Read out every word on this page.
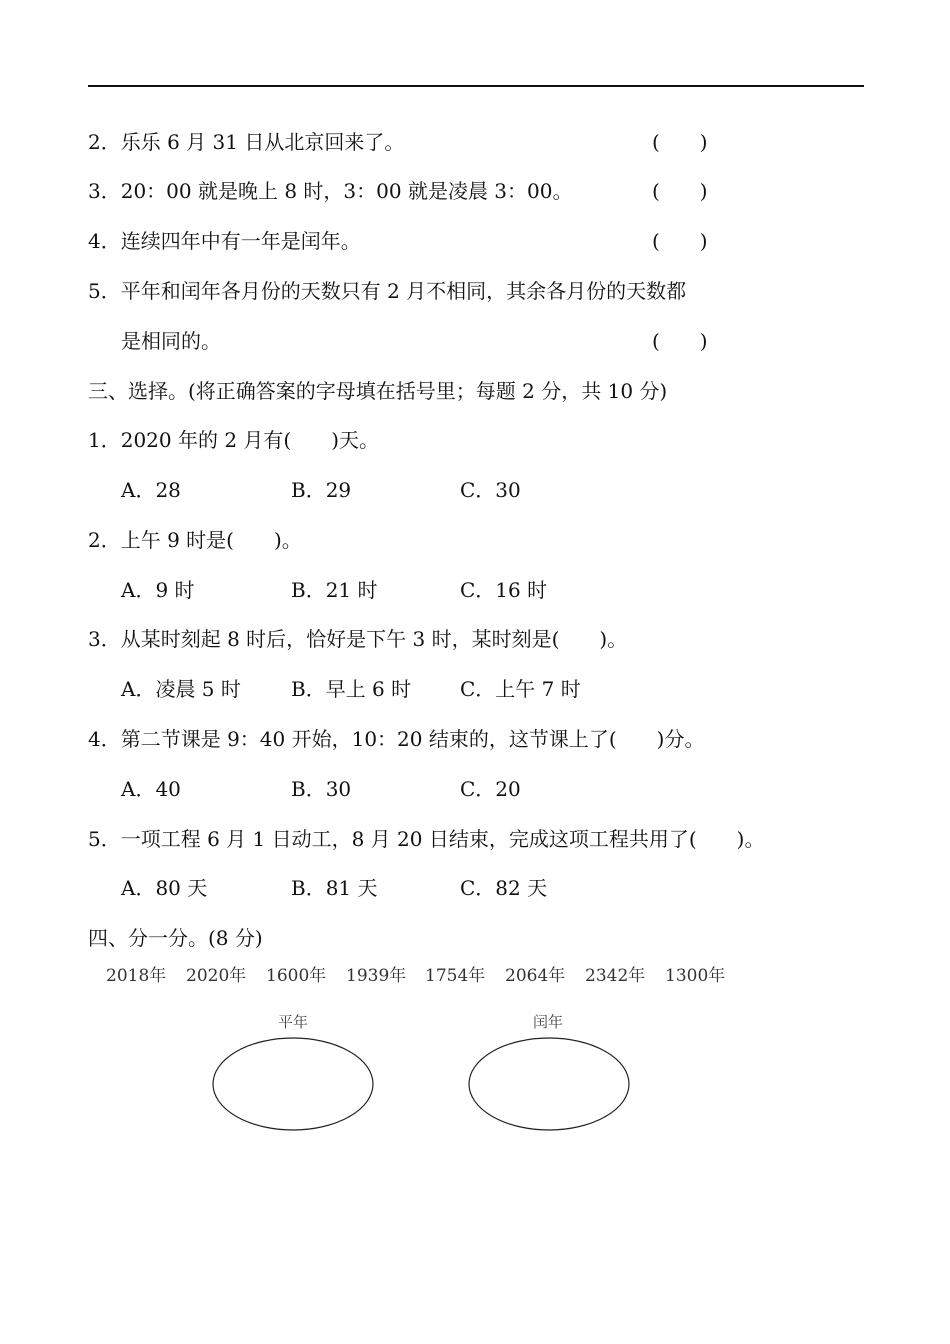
2．乐乐 6 月 31 日从北京回来了。	(　　)
3．20：00 就是晚上 8 时，3：00 就是凌晨 3：00。	(　　)
4．连续四年中有一年是闰年。	(　　)
5．平年和闰年各月份的天数只有 2 月不相同，其余各月份的天数都
是相同的。	(　　)
三、选择。(将正确答案的字母填在括号里；每题 2 分，共 10 分)
1．2020 年的 2 月有(　　)天。
A．28	B．29	C．30
2．上午 9 时是(　　)。
A．9 时	B．21 时	C．16 时
3．从某时刻起 8 时后，恰好是下午 3 时，某时刻是(　　)。
A．凌晨 5 时	B．早上 6 时 C．上午 7 时
4．第二节课是 9：40 开始，10：20 结束的，这节课上了(　　)分。
A．40	B．30	C．20
5．一项工程 6 月 1 日动工，8 月 20 日结束，完成这项工程共用了(　　)。
A．80 天	B．81 天	C．82 天
四、分一分。(8 分)
2018年 2020年 1600年 1939年 1754年 2064年 2342年 1300年
平年	闰年
